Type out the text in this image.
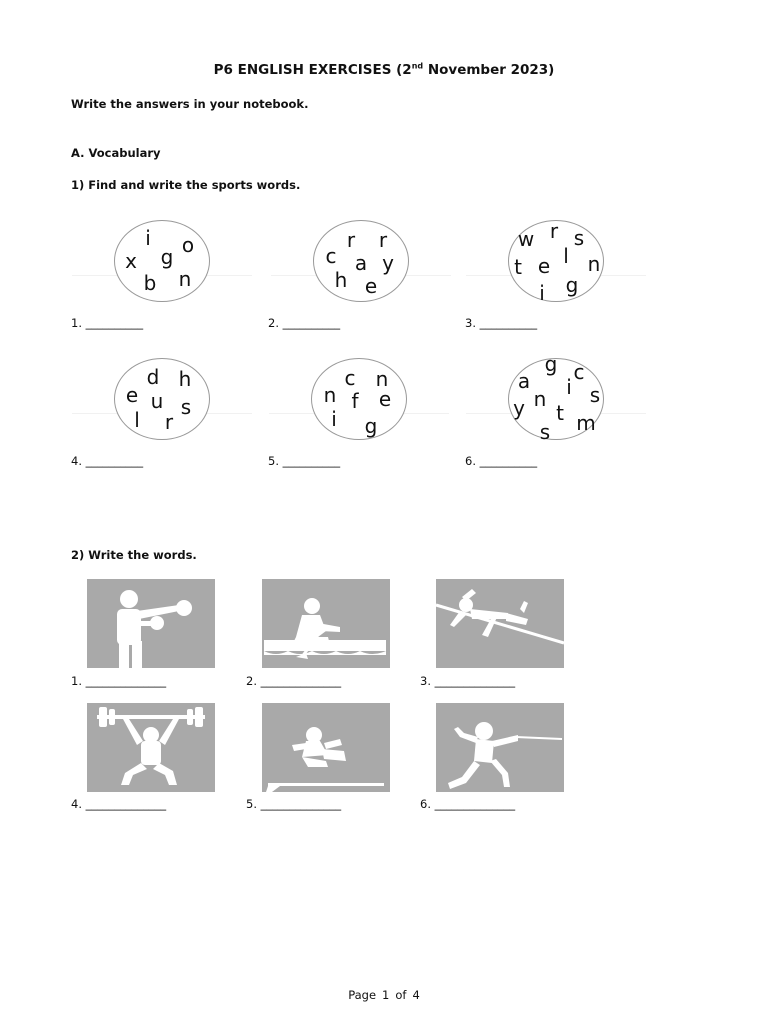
P6 ENGLISH EXERCISES (2nd November 2023)
Write the answers in your notebook.
A. Vocabulary
1) Find and write the sports words.
i o
x g
b n
1. __________
r r
c a y
h e
2. __________
w r s
l
t e n
g
i
3. __________
d h
e u s
l r
4. __________
c n
n f e
i g
5. __________
g c
a i s
y n
t m
s
6. __________
2) Write the words.
1. ______________	2. ______________	3. ______________
4. ______________	5. ______________	6. ______________
Page 1 of 4
